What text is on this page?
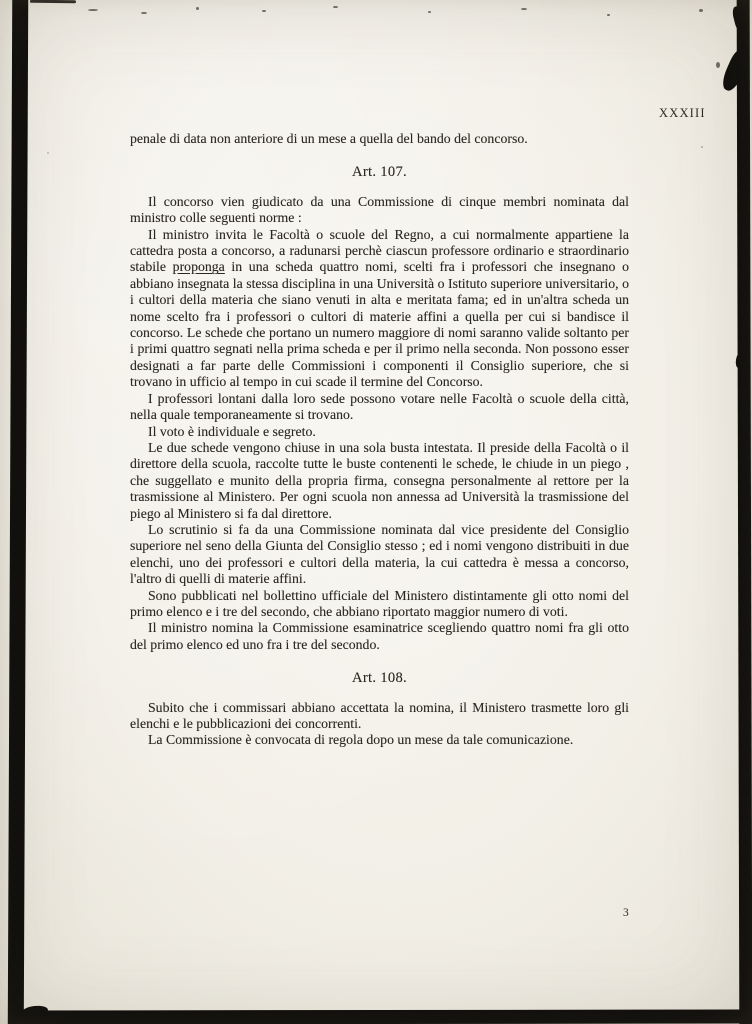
XXXIII

penale di data non anteriore di un mese a quella del bando del concorso.

Art. 107.

Il concorso vien giudicato da una Commissione di cinque membri nominata dal ministro colle seguenti norme :

Il ministro invita le Facoltà o scuole del Regno, a cui normalmente appartiene la cattedra posta a concorso, a radunarsi perchè ciascun professore ordinario e straordinario stabile proponga in una scheda quattro nomi, scelti fra i professori che insegnano o abbiano insegnata la stessa disciplina in una Università o Istituto superiore universitario, o i cultori della materia che siano venuti in alta e meritata fama; ed in un'altra scheda un nome scelto fra i professori o cultori di materie affini a quella per cui si bandisce il concorso. Le schede che portano un numero maggiore di nomi saranno valide soltanto per i primi quattro segnati nella prima scheda e per il primo nella seconda. Non possono esser designati a far parte delle Commissioni i componenti il Consiglio superiore, che si trovano in ufficio al tempo in cui scade il termine del Concorso.

I professori lontani dalla loro sede possono votare nelle Facoltà o scuole della città, nella quale temporaneamente si trovano.

Il voto è individuale e segreto.

Le due schede vengono chiuse in una sola busta intestata. Il preside della Facoltà o il direttore della scuola, raccolte tutte le buste contenenti le schede, le chiude in un piego , che suggellato e munito della propria firma, consegna personalmente al rettore per la trasmissione al Ministero. Per ogni scuola non annessa ad Università la trasmissione del piego al Ministero si fa dal direttore.

Lo scrutinio si fa da una Commissione nominata dal vice presidente del Consiglio superiore nel seno della Giunta del Consiglio stesso ; ed i nomi vengono distribuiti in due elenchi, uno dei professori e cultori della materia, la cui cattedra è messa a concorso, l'altro di quelli di materie affini.

Sono pubblicati nel bollettino ufficiale del Ministero distintamente gli otto nomi del primo elenco e i tre del secondo, che abbiano riportato maggior numero di voti.

Il ministro nomina la Commissione esaminatrice scegliendo quattro nomi fra gli otto del primo elenco ed uno fra i tre del secondo.

Art. 108.

Subito che i commissari abbiano accettata la nomina, il Ministero trasmette loro gli elenchi e le pubblicazioni dei concorrenti.

La Commissione è convocata di regola dopo un mese da tale comunicazione.

3
